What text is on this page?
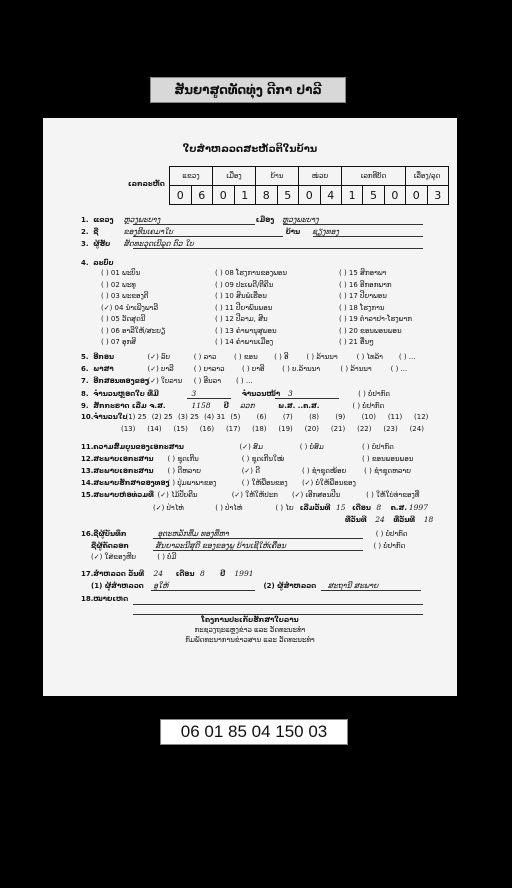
ສັນຍາສູດທັດທຸ່ງ ດີກາ ປາລີ
ໃບສຳຫລວດສະຫັວຕິໃນບ້ານ
ເລກລະຫັດ
ແຂວງ		ເມືອງ		ບ້ານ		ໜ່ວຍ		ເລກທີບັດ			ເລື່ອງ/ລຸດ	
0	6	0	1	8	5	0	4	1	5	0	0	3
1. ແຂວງ ຫຼວງພະບາງ	ເມືອງ ຫຼວງພະບາງ
2. ຊື່	ຂອງທີນເຄມາໃບ	ບ້ານ ຊຽງທອງ
3. ຜູ້ຮັບ ສັດທະວຸດເບີລູດ ຕົວ ໃບ
4. ລະບົບ
( ) 01 ພະບິນ
( ) 02 ພະທູ
( ) 03 ພະຂອງຕີ
(✓) 04 ນຳເພີງພາລີ
( ) 05 ວັດສຸດນີ
( ) 06 ອາລີໃຫ້/ສະຍຽ
( ) 07 ອຸກສິ
( ) 08 ໂຮງການຂອງພອນ
( ) 09 ປະເພດີ/ຕີຄີນ
( ) 10 ສິນພໍເຮືອນ
( ) 11 ປີຍາພົນພອນ
( ) 12 ປີລາມ, ສີນ
( ) 13 ຄຳພານຸສຸພອນ
( ) 14 ຄຳພານເມືອງ
( ) 15 ສິກອາພາ
( ) 16 ອີກອກພາກ
( ) 17 ປີຍາພອນ
( ) 18 ໂຮງການ
( ) 19 ຕຳລາປາ-ໂຮງພາກ
( ) 20 ຂອນພອນພອນ
( ) 21 ອື່ນໆ
5. ອີກອນ	(✓) ລົບ	( ) ລາວ	( ) ຂອນ ( ) ອີ	( ) ລ້ານນາ	( ) ໄທລ້າ ( ) ...
6. ພາສາ	(✓) ບາລີ	( ) ບາລາວ ( ) ບາອີ	( ) ບ.ລ້ານນາ	( ) ລ້ານນາ	( ) ...
7. ອີກສອນທອງຂອງ (✓) ໃບລານ ( ) ອີນລາ ( ) ...
8. ຈຳນວນຫຼອດໃບ ທີ່ມີ	3	ຈຳນວນໜ້າ 3	( ) ບໍ່ປາກົດ
9. ສັກກະຣາດ ເລີ່ມ ຈ.ສ.	1158 ປີ ລວກ	ພ.ສ. ..ຄ.ສ.	( ) ບໍ່ປາກົດ
10. ຈຳນວນໃບ (1) 25 (2) 25 (3) 25 (4) 31 (5) (6) (7) (8) (9) (10) (11) (12)
(13) (14) (15) (16) (17) (18) (19) (20) (21) (22) (23) (24)
11. ຄວາມສົມບູນຂອງເອກະສານ	(✓) ສົມ	( ) ບໍ່ສົມ	( ) ບໍ່ປາກົດ
12. ສະພາບເອກະສານ ( ) ຊຸດເກີນ	( ) ຊຸດເກີນໃໝ່	( ) ຂອນພອນພອນ
13. ສະພາບເອກະສານ ( ) ດີຫລາຍ	(✓) ດີ	( ) ຊຳຊຸດໜ້ອຍ	( ) ຊຳຊຸດຫລາຍ
14. ສະພາບຮັກສາຂອງທອງ ( ) ປຸ່ມພາພາຂອງ	( ) ໃຫ້ພີ່ອນຂອງ (✓) ບໍ່ໃຫ້ພີ່ອນຂອງ
15. ສະພາບຫ່ອທ່ວມທີ່ (✓) ໄມ້ປັບຄີນ	(✓) ໃຫ້ໃຫ້ປະກ (✓) ເອີກສອນປີນ	( ) ໃຫ້ໃບ່ທ່າຂອງທີ່
(✓) ປ່າໄຫ່	( ) ປ່າໄຫ່	( ) ໄຍ ເລີ່ມວັນທີ 15 ເດືອນ 8 ຄ.ສ. 1997
ທີ່ວັນທີ 24 ທີ່ວັນທີ 18
16. ຊື່ຜູ້ບັນທຶກ	ອຸຕະຫລັກທີ່ມ ທອງທີ່ຫາ	( ) ບໍ່ປາກົດ
ຊື່ຜູ້ຄັດລອກ	ສັນຍາລະນີສຸດີ ຂອງຂອງພູ ບ້ານເຊີໃຫ້ເຄື່ອນ	( ) ບໍ່ປາກົດ
(✓) ໃສ່ຂອງຫີບ	( ) ບໍ່ມີ
17. ສຳຫລວດ ວັນທີ 24 ເດືອນ 8 ປີ 1991
(1) ຜູ້ສຳຫລວດ ອູໃຫ້	(2) ຜູ້ສຳຫລວດ ສະຖານີ ສະພາຍ
18. ໝາຍເຫດ
ໂຄງການປະເກັບຮັກສາໃບລານ
ກະຊວງຖະແຫຼງຂ່າວ ແລະ ວັດທະນະທຳ
ກົມພັດທະນາການຂ່າວສານ ແລະ ວັດທະນະທຳ
06 01 85 04 150 03
